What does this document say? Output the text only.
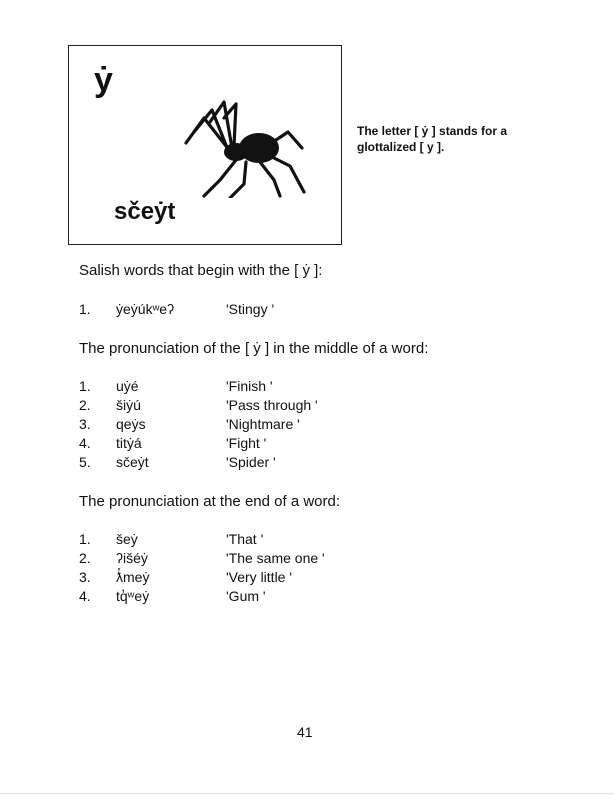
ẏ
sčeẏt
The letter [ ẏ ] stands for a glottalized [ y ].
Salish words that begin with the [ ẏ ]:
1.	ẏeẏúkʷeʔ	'Stingy '
The pronunciation of the [ ẏ ] in the middle of a word:
1.	uẏé	'Finish '
2.	šiẏú	'Pass through '
3.	qeẏs	'Nightmare '
4.	titẏá	'Fight '
5.	sčeẏt	'Spider '
The pronunciation at the end of a word:
1.	šeẏ	'That '
2.	ʔišéẏ	'The same one '
3.	ƛ̓meẏ	'Very little '
4.	tq̓ʷeẏ	'Gum '
41
